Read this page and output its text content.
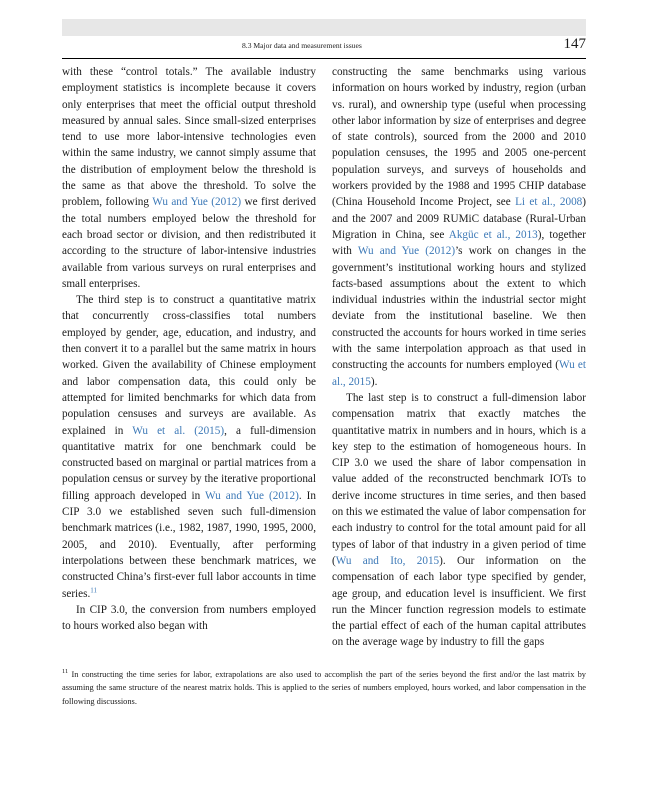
8.3 Major data and measurement issues	147

with these “control totals.” The available industry employment statistics is incomplete because it covers only enterprises that meet the official output threshold measured by annual sales. Since small-sized enterprises tend to use more labor-intensive technologies even within the same industry, we cannot simply assume that the distribution of employment below the threshold is the same as that above the threshold. To solve the problem, following Wu and Yue (2012) we first derived the total numbers employed below the threshold for each broad sector or division, and then redistributed it according to the structure of labor-intensive industries available from various surveys on rural enterprises and small enterprises.

The third step is to construct a quantitative matrix that concurrently cross-classifies total numbers employed by gender, age, education, and industry, and then convert it to a parallel but the same matrix in hours worked. Given the availability of Chinese employment and labor compensation data, this could only be attempted for limited benchmarks for which data from population censuses and surveys are available. As explained in Wu et al. (2015), a full-dimension quantitative matrix for one benchmark could be constructed based on marginal or partial matrices from a population census or survey by the iterative proportional filling approach developed in Wu and Yue (2012). In CIP 3.0 we established seven such full-dimension benchmark matrices (i.e., 1982, 1987, 1990, 1995, 2000, 2005, and 2010). Eventually, after performing interpolations between these benchmark matrices, we constructed China’s first-ever full labor accounts in time series.$^{11}$

In CIP 3.0, the conversion from numbers employed to hours worked also began with

constructing the same benchmarks using various information on hours worked by industry, region (urban vs. rural), and ownership type (useful when processing other labor information by size of enterprises and degree of state controls), sourced from the 2000 and 2010 population censuses, the 1995 and 2005 one-percent population surveys, and surveys of households and workers provided by the 1988 and 1995 CHIP database (China Household Income Project, see Li et al., 2008) and the 2007 and 2009 RUMiC database (Rural-Urban Migration in China, see Akgüc et al., 2013), together with Wu and Yue (2012)’s work on changes in the government’s institutional working hours and stylized facts-based assumptions about the extent to which individual industries within the industrial sector might deviate from the institutional baseline. We then constructed the accounts for hours worked in time series with the same interpolation approach as that used in constructing the accounts for numbers employed (Wu et al., 2015).

The last step is to construct a full-dimension labor compensation matrix that exactly matches the quantitative matrix in numbers and in hours, which is a key step to the estimation of homogeneous hours. In CIP 3.0 we used the share of labor compensation in value added of the reconstructed benchmark IOTs to derive income structures in time series, and then based on this we estimated the value of labor compensation for each industry to control for the total amount paid for all types of labor of that industry in a given period of time (Wu and Ito, 2015). Our information on the compensation of each labor type specified by gender, age group, and education level is insufficient. We first run the Mincer function regression models to estimate the partial effect of each of the human capital attributes on the average wage by industry to fill the gaps

$^{11}$ In constructing the time series for labor, extrapolations are also used to accomplish the part of the series beyond the first and/or the last matrix by assuming the same structure of the nearest matrix holds. This is applied to the series of numbers employed, hours worked, and labor compensation in the following discussions.
